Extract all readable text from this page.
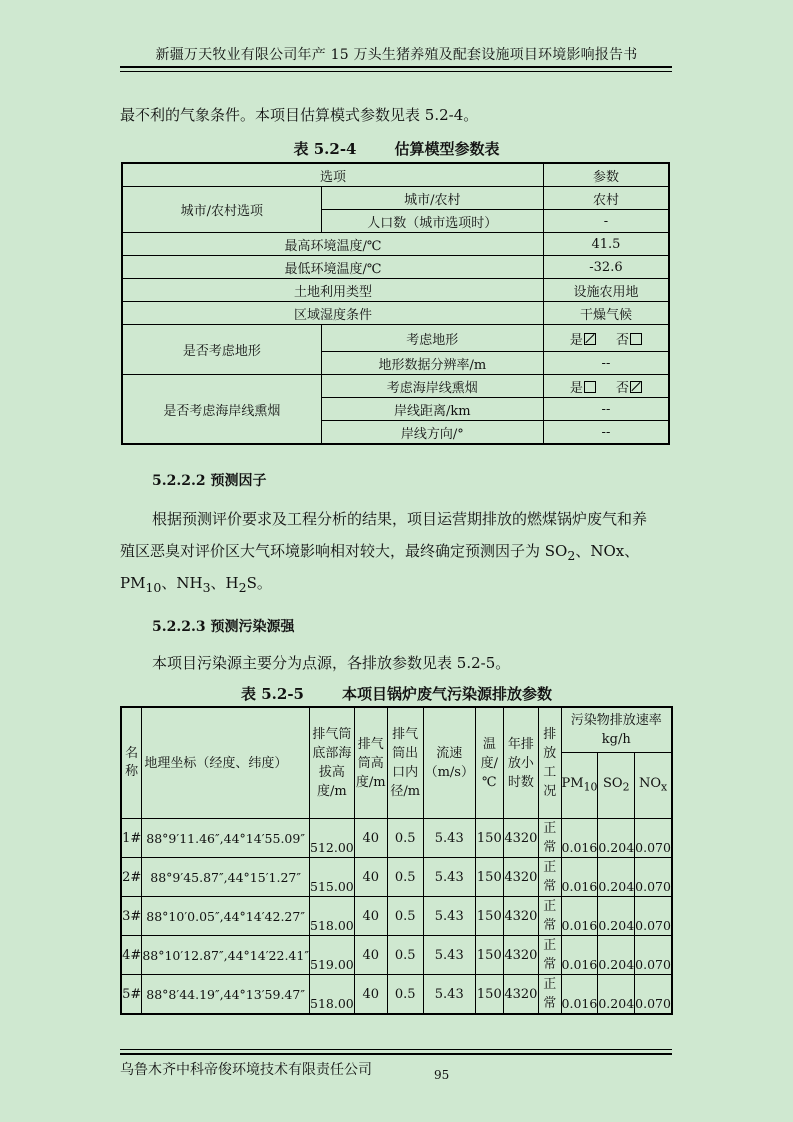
新疆万天牧业有限公司年产 15 万头生猪养殖及配套设施项目环境影响报告书
最不利的气象条件。本项目估算模式参数见表 5.2-4。
表 5.2-4	估算模型参数表
选项		参数
城市/农村选项	城市/农村	农村
	人口数（城市选项时）	-
最高环境温度/℃		41.5
最低环境温度/℃		-32.6
土地利用类型		设施农用地
区域湿度条件		干燥气候
是否考虑地形	考虑地形	是 否
	地形数据分辨率/m	--
是否考虑海岸线熏烟	考虑海岸线熏烟	是 否
	岸线距离/km	--
	岸线方向/°	--
5.2.2.2 预测因子
根据预测评价要求及工程分析的结果，项目运营期排放的燃煤锅炉废气和养
殖区恶臭对评价区大气环境影响相对较大，最终确定预测因子为 $SO_2$、NOx、
$PM_{10}$、$NH_3$、$H_2S$。
5.2.2.3 预测污染源强
本项目污染源主要分为点源，各排放参数见表 5.2-5。
表 5.2-5	本项目锅炉废气污染源排放参数
名称	地理坐标（经度、纬度）	排气筒底部海拔高度/m	排气筒高度/m	排气筒出口内径/m	流速（m/s）	温度/℃	年排放小时数	排放工况	污染物排放速率kg/h		
									$PM_{10}$	$SO_2$	$NO_x$
1#	88°9′11.46″,44°14′55.09″	512.00	40	0.5	5.43	150	4320	正常	0.016	0.204	0.070
2#	88°9′45.87″,44°15′1.27″	515.00	40	0.5	5.43	150	4320	正常	0.016	0.204	0.070
3#	88°10′0.05″,44°14′42.27″	518.00	40	0.5	5.43	150	4320	正常	0.016	0.204	0.070
4#	88°10′12.87″,44°14′22.41″	519.00	40	0.5	5.43	150	4320	正常	0.016	0.204	0.070
5#	88°8′44.19″,44°13′59.47″	518.00	40	0.5	5.43	150	4320	正常	0.016	0.204	0.070
乌鲁木齐中科帝俊环境技术有限责任公司	95
